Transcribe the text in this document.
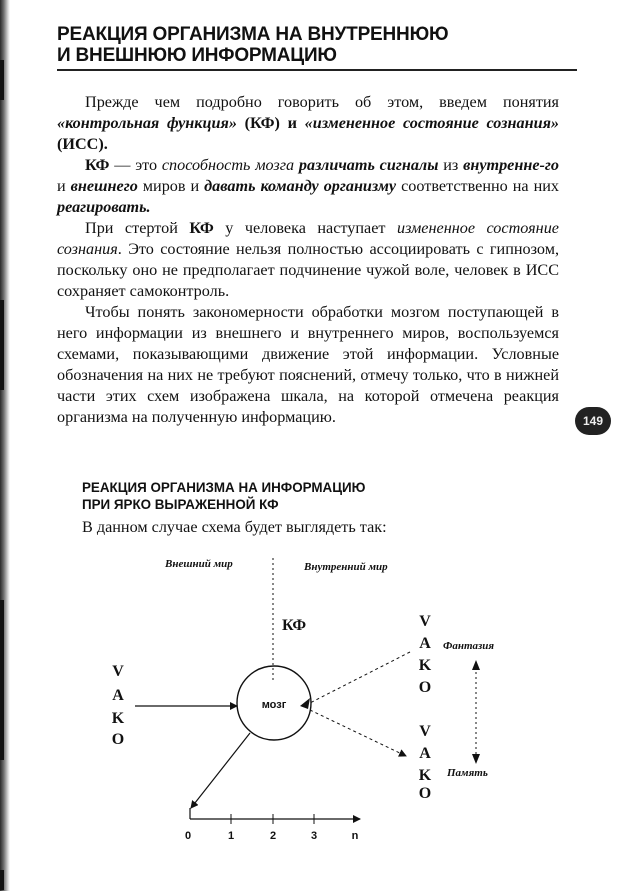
РЕАКЦИЯ ОРГАНИЗМА НА ВНУТРЕННЮЮ
И ВНЕШНЮЮ ИНФОРМАЦИЮ

Прежде чем подробно говорить об этом, введем понятия «контрольная функция» (КФ) и «измененное состояние сознания» (ИСС).

КФ — это способность мозга различать сигналы из внутренне-го и внешнего миров и давать команду организму соответственно на них реагировать.

При стертой КФ у человека наступает измененное состояние сознания. Это состояние нельзя полностью ассоциировать с гипнозом, поскольку оно не предполагает подчинение чужой воле, человек в ИСС сохраняет самоконтроль.

Чтобы понять закономерности обработки мозгом поступающей в него информации из внешнего и внутреннего миров, воспользуемся схемами, показывающими движение этой информации. Условные обозначения на них не требуют пояснений, отмечу только, что в нижней части этих схем изображена шкала, на которой отмечена реакция организма на полученную информацию.	149
РЕАКЦИЯ ОРГАНИЗМА НА ИНФОРМАЦИЮ
ПРИ ЯРКО ВЫРАЖЕННОЙ КФ
В данном случае схема будет выглядеть так:
Внешний мир	Внутренний мир
КФ
мозг
V
A
K
O
V
A
K
O
V
A
K
O
Фантазия
Память
0	1	2	3	n
